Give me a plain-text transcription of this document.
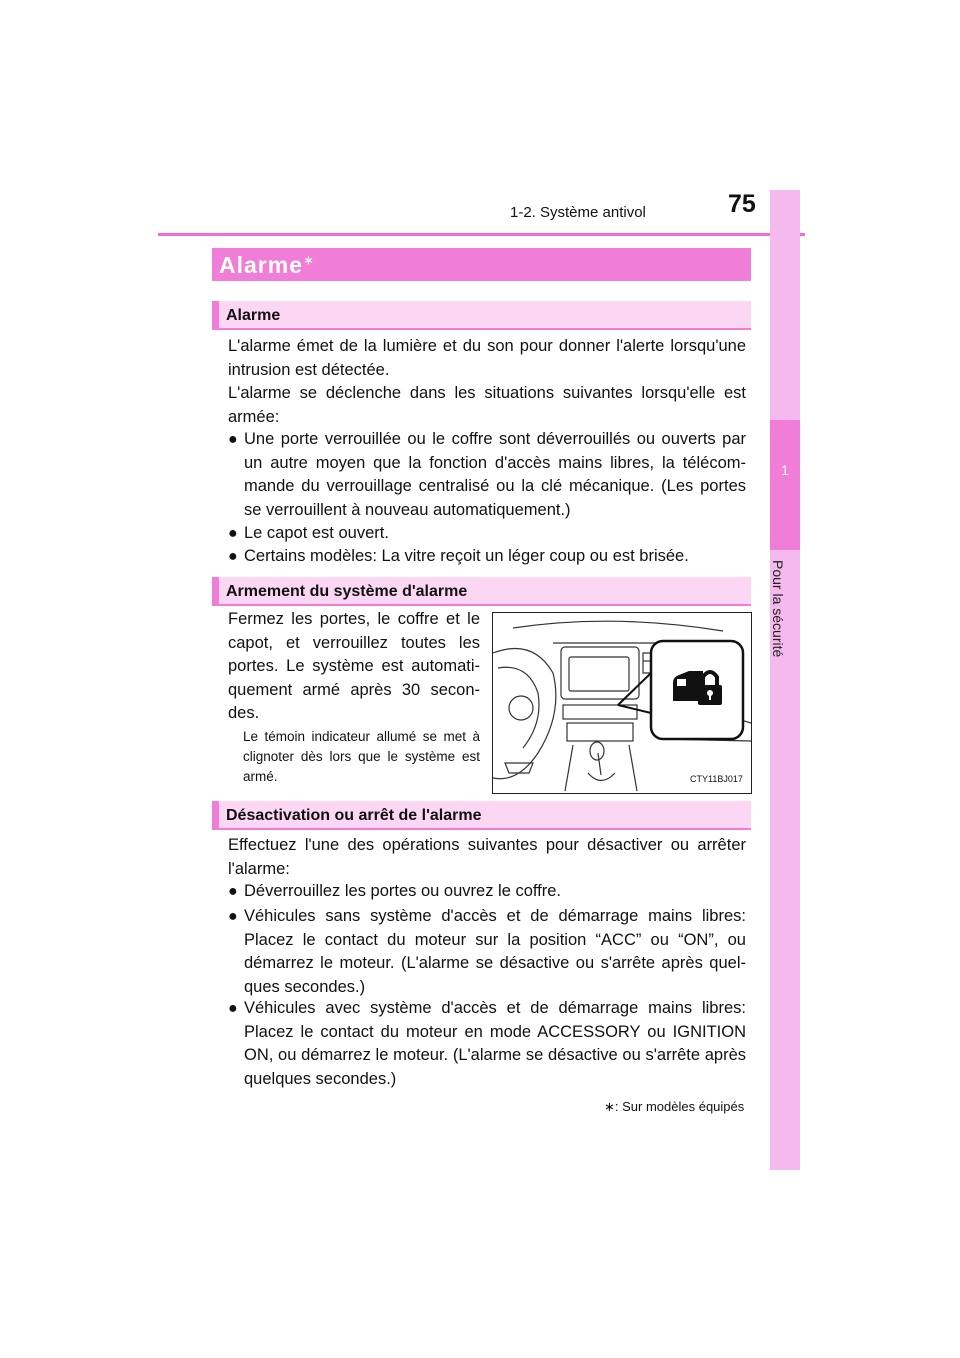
1-2. Système antivol	75
1
Pour la sécurité
Alarme∗
Alarme
L'alarme émet de la lumière et du son pour donner l'alerte lorsqu'une intrusion est détectée.
L'alarme se déclenche dans les situations suivantes lorsqu'elle est armée:
● Une porte verrouillée ou le coffre sont déverrouillés ou ouverts par un autre moyen que la fonction d'accès mains libres, la télécom-mande du verrouillage centralisé ou la clé mécanique. (Les portes se verrouillent à nouveau automatiquement.)
● Le capot est ouvert.
● Certains modèles: La vitre reçoit un léger coup ou est brisée.
Armement du système d'alarme
Fermez les portes, le coffre et le capot, et verrouillez toutes les portes. Le système est automati-quement armé après 30 secon-des.
Le témoin indicateur allumé se met à clignoter dès lors que le système est armé.	CTY11BJ017
Désactivation ou arrêt de l'alarme
Effectuez l'une des opérations suivantes pour désactiver ou arrêter l'alarme:
● Déverrouillez les portes ou ouvrez le coffre.
● Véhicules sans système d'accès et de démarrage mains libres: Placez le contact du moteur sur la position “ACC” ou “ON”, ou démarrez le moteur. (L'alarme se désactive ou s'arrête après quel-ques secondes.)
● Véhicules avec système d'accès et de démarrage mains libres: Placez le contact du moteur en mode ACCESSORY ou IGNITION ON, ou démarrez le moteur. (L'alarme se désactive ou s'arrête après quelques secondes.)
∗: Sur modèles équipés
